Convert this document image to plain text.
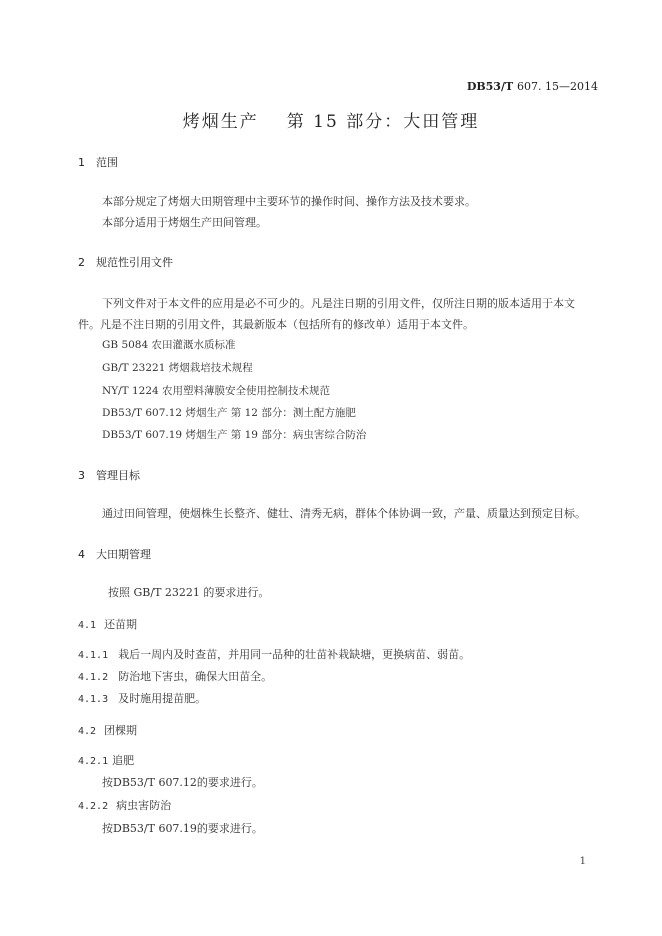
DB53/T 607. 15—2014
烤烟生产 第 15 部分：大田管理
1 范围
本部分规定了烤烟大田期管理中主要环节的操作时间、操作方法及技术要求。
本部分适用于烤烟生产田间管理。
2 规范性引用文件
下列文件对于本文件的应用是必不可少的。凡是注日期的引用文件，仅所注日期的版本适用于本文
件。凡是不注日期的引用文件，其最新版本（包括所有的修改单）适用于本文件。
GB 5084 农田灌溉水质标准
GB/T 23221 烤烟栽培技术规程
NY/T 1224 农用塑料薄膜安全使用控制技术规范
DB53/T 607.12 烤烟生产 第 12 部分：测土配方施肥
DB53/T 607.19 烤烟生产 第 19 部分：病虫害综合防治
3 管理目标
通过田间管理，使烟株生长整齐、健壮、清秀无病，群体个体协调一致，产量、质量达到预定目标。
4 大田期管理
按照 GB/T 23221 的要求进行。
4.1 还苗期
4.1.1 栽后一周内及时查苗，并用同一品种的壮苗补栽缺塘，更换病苗、弱苗。
4.1.2 防治地下害虫，确保大田苗全。
4.1.3 及时施用提苗肥。
4.2 团棵期
4.2.1 追肥
按DB53/T 607.12的要求进行。
4.2.2 病虫害防治
按DB53/T 607.19的要求进行。
1
